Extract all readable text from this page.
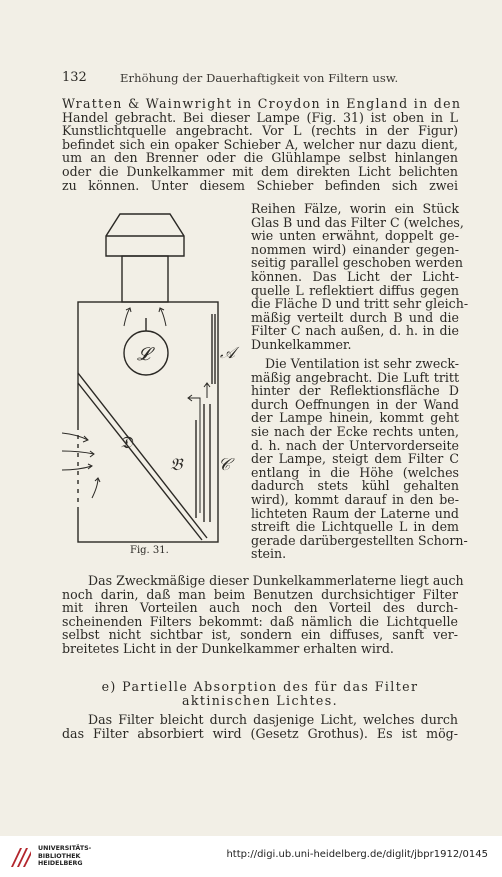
132	Erhöhung der Dauerhaftigkeit von Filtern usw.
Wratten & Wainwright in Croydon in England in den
Handel gebracht. Bei dieser Lampe (Fig. 31) ist oben in L
Kunstlichtquelle angebracht. Vor L (rechts in der Figur)
befindet sich ein opaker Schieber A, welcher nur dazu dient,
um an den Brenner oder die Glühlampe selbst hinlangen
oder die Dunkelkammer mit dem direkten Licht belichten
zu können. Unter diesem Schieber befinden sich zwei
Reihen Fälze, worin ein Stück
Glas B und das Filter C (welches,
wie unten erwähnt, doppelt ge-
nommen wird) einander gegen-
seitig parallel geschoben werden
können. Das Licht der Licht-
quelle L reflektiert diffus gegen
die Fläche D und tritt sehr gleich-
mäßig verteilt durch B und die
Filter C nach außen, d. h. in die
Dunkelkammer.
Die Ventilation ist sehr zweck-
mäßig angebracht. Die Luft tritt
hinter der Reflektionsfläche D
durch Oeffnungen in der Wand
der Lampe hinein, kommt geht
sie nach der Ecke rechts unten,
d. h. nach der Untervorderseite
der Lampe, steigt dem Filter C
entlang in die Höhe (welches
dadurch stets kühl gehalten
wird), kommt darauf in den be-
lichteten Raum der Laterne und
streift die Lichtquelle L in dem
gerade darübergestellten Schorn-
stein.
𝓛	𝒜
𝔇
𝔅 𝒞
Fig. 31.
Das Zweckmäßige dieser Dunkelkammerlaterne liegt auch
noch darin, daß man beim Benutzen durchsichtiger Filter
mit ihren Vorteilen auch noch den Vorteil des durch-
scheinenden Filters bekommt: daß nämlich die Lichtquelle
selbst nicht sichtbar ist, sondern ein diffuses, sanft ver-
breitetes Licht in der Dunkelkammer erhalten wird.
e) Partielle Absorption des für das Filter
aktinischen Lichtes.
Das Filter bleicht durch dasjenige Licht, welches durch
das Filter absorbiert wird (Gesetz Grothus). Es ist mög-
UNIVERSITÄTS-
BIBLIOTHEK
HEIDELBERG
http://digi.ub.uni-heidelberg.de/diglit/jbpr1912/0145
